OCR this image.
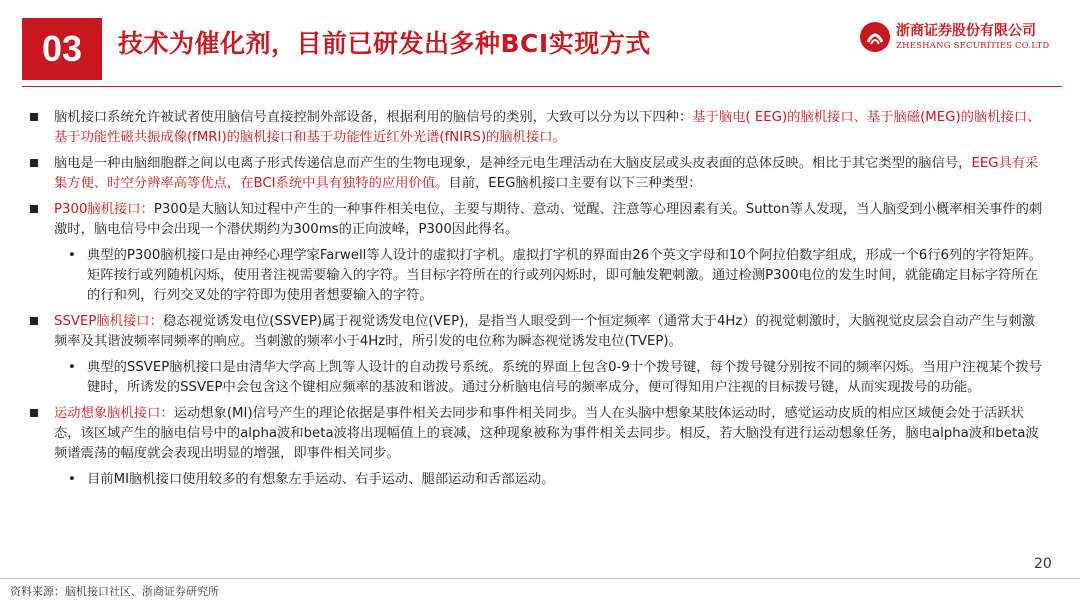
03 技术为催化剂，目前已研发出多种BCI实现方式	浙商证券股份有限公司
ZHESHANG SECURITIES CO.LTD
脑机接口系统允许被试者使用脑信号直接控制外部设备，根据利用的脑信号的类别，大致可以分为以下四种：基于脑电( EEG)的脑机接口、基于脑磁(MEG)的脑机接口、基于功能性磁共振成像(fMRI)的脑机接口和基于功能性近红外光谱(fNIRS)的脑机接口。
脑电是一种由脑细胞群之间以电离子形式传递信息而产生的生物电现象，是神经元电生理活动在大脑皮层或头皮表面的总体反映。相比于其它类型的脑信号，EEG具有采集方便、时空分辨率高等优点，在BCI系统中具有独特的应用价值。目前，EEG脑机接口主要有以下三种类型：
P300脑机接口：P300是大脑认知过程中产生的一种事件相关电位，主要与期待、意动、觉醒、注意等心理因素有关。Sutton等人发现，当人脑受到小概率相关事件的刺激时，脑电信号中会出现一个潜伏期约为300ms的正向波峰，P300因此得名。
• 典型的P300脑机接口是由神经心理学家Farwell等人设计的虚拟打字机。虚拟打字机的界面由26个英文字母和10个阿拉伯数字组成，形成一个6行6列的字符矩阵。矩阵按行或列随机闪烁，使用者注视需要输入的字符。当目标字符所在的行或列闪烁时，即可触发靶刺激。通过检测P300电位的发生时间，就能确定目标字符所在的行和列，行列交叉处的字符即为使用者想要输入的字符。
SSVEP脑机接口：稳态视觉诱发电位(SSVEP)属于视觉诱发电位(VEP)，是指当人眼受到一个恒定频率（通常大于4Hz）的视觉刺激时，大脑视觉皮层会自动产生与刺激频率及其谐波频率同频率的响应。当刺激的频率小于4Hz时，所引发的电位称为瞬态视觉诱发电位(TVEP)。
• 典型的SSVEP脑机接口是由清华大学高上凯等人设计的自动拨号系统。系统的界面上包含0-9十个拨号键，每个拨号键分别按不同的频率闪烁。当用户注视某个拨号键时，所诱发的SSVEP中会包含这个键相应频率的基波和谐波。通过分析脑电信号的频率成分，便可得知用户注视的目标拨号键，从而实现拨号的功能。
运动想象脑机接口：运动想象(MI)信号产生的理论依据是事件相关去同步和事件相关同步。当人在头脑中想象某肢体运动时，感觉运动皮质的相应区域便会处于活跃状态，该区域产生的脑电信号中的alpha波和beta波将出现幅值上的衰减，这种现象被称为事件相关去同步。相反，若大脑没有进行运动想象任务，脑电alpha波和beta波频谱震荡的幅度就会表现出明显的增强，即事件相关同步。
• 目前MI脑机接口使用较多的有想象左手运动、右手运动、腿部运动和舌部运动。
20
资料来源：脑机接口社区、浙商证券研究所
